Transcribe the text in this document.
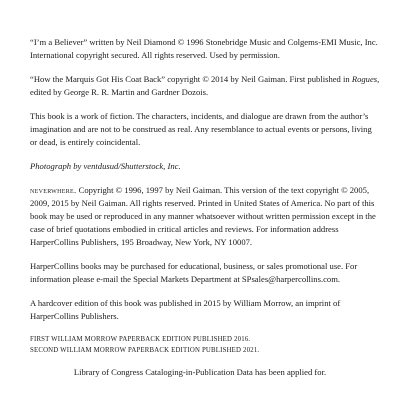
“I’m a Believer” written by Neil Diamond © 1996 Stonebridge Music and Colgems-EMI Music, Inc. International copyright secured. All rights reserved. Used by permission.

“How the Marquis Got His Coat Back” copyright © 2014 by Neil Gaiman. First published in Rogues, edited by George R. R. Martin and Gardner Dozois.

This book is a work of fiction. The characters, incidents, and dialogue are drawn from the author’s imagination and are not to be construed as real. Any resemblance to actual events or persons, living or dead, is entirely coincidental.

Photograph by ventdusud/Shutterstock, Inc.

neverwhere. Copyright © 1996, 1997 by Neil Gaiman. This version of the text copyright © 2005, 2009, 2015 by Neil Gaiman. All rights reserved. Printed in United States of America. No part of this book may be used or reproduced in any manner whatsoever without written permission except in the case of brief quotations embodied in critical articles and reviews. For information address HarperCollins Publishers, 195 Broadway, New York, NY 10007.

HarperCollins books may be purchased for educational, business, or sales promotional use. For information please e-mail the Special Markets Department at SPsales@harpercollins.com.

A hardcover edition of this book was published in 2015 by William Morrow, an imprint of HarperCollins Publishers.

FIRST WILLIAM MORROW PAPERBACK EDITION PUBLISHED 2016.
SECOND WILLIAM MORROW PAPERBACK EDITION PUBLISHED 2021.

Library of Congress Cataloging-in-Publication Data has been applied for.
